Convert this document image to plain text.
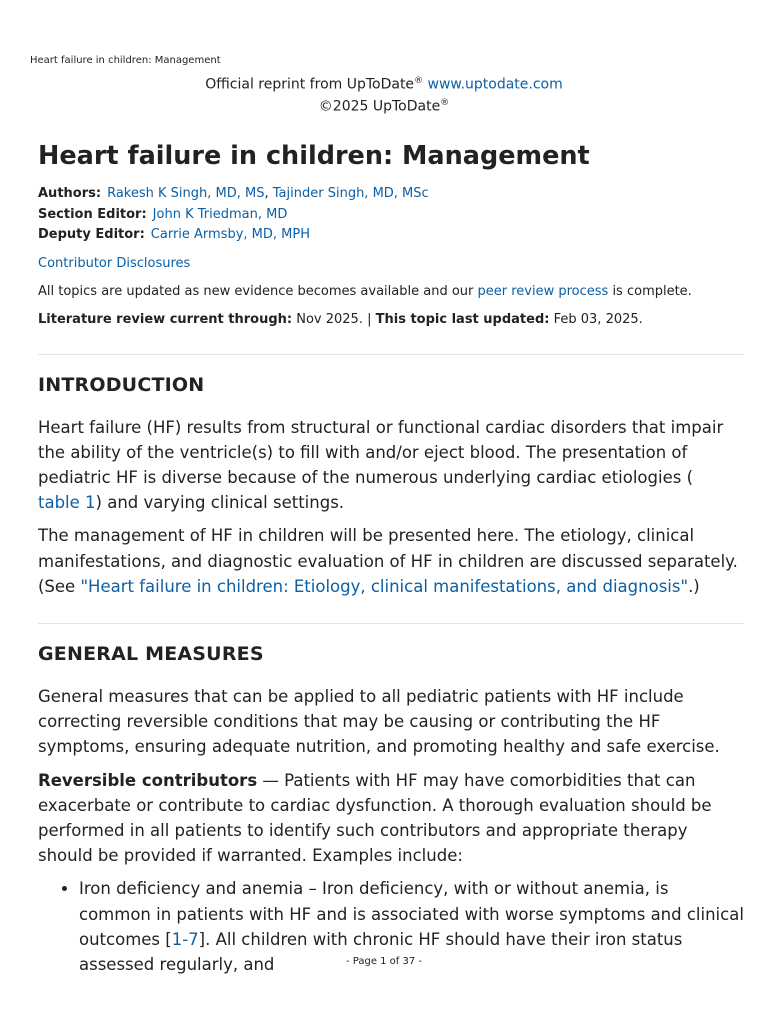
Heart failure in children: Management
Official reprint from UpToDate® www.uptodate.com
©2025 UpToDate®
Heart failure in children: Management
Authors: Rakesh K Singh, MD, MS, Tajinder Singh, MD, MSc
Section Editor: John K Triedman, MD
Deputy Editor: Carrie Armsby, MD, MPH
Contributor Disclosures
All topics are updated as new evidence becomes available and our peer review process is complete.
Literature review current through: Nov 2025. | This topic last updated: Feb 03, 2025.
INTRODUCTION

Heart failure (HF) results from structural or functional cardiac disorders that impair the ability of the ventricle(s) to fill with and/or eject blood. The presentation of pediatric HF is diverse because of the numerous underlying cardiac etiologies (table 1) and varying clinical settings.

The management of HF in children will be presented here. The etiology, clinical manifestations, and diagnostic evaluation of HF in children are discussed separately. (See "Heart failure in children: Etiology, clinical manifestations, and diagnosis".)

GENERAL MEASURES

General measures that can be applied to all pediatric patients with HF include correcting reversible conditions that may be causing or contributing the HF symptoms, ensuring adequate nutrition, and promoting healthy and safe exercise.

Reversible contributors — Patients with HF may have comorbidities that can exacerbate or contribute to cardiac dysfunction. A thorough evaluation should be performed in all patients to identify such contributors and appropriate therapy should be provided if warranted. Examples include:

• Iron deficiency and anemia – Iron deficiency, with or without anemia, is common in patients with HF and is associated with worse symptoms and clinical outcomes [1-7]. All children with chronic HF should have their iron status assessed regularly, and	- Page 1 of 37 -
